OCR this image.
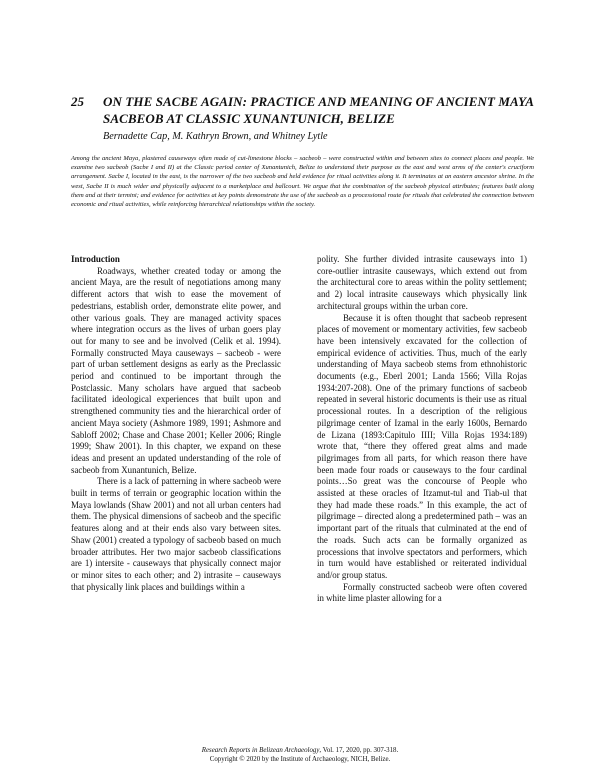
25	ON THE SACBE AGAIN: PRACTICE AND MEANING OF ANCIENT MAYA SACBEOB AT CLASSIC XUNANTUNICH, BELIZE
Bernadette Cap, M. Kathryn Brown, and Whitney Lytle
Among the ancient Maya, plastered causeways often made of cut-limestone blocks – sacbeob – were constructed within and between sites to connect places and people. We examine two sacbeob (Sacbe I and II) at the Classic period center of Xunantunich, Belize to understand their purpose as the east and west arms of the center's cruciform arrangement. Sacbe I, located in the east, is the narrower of the two sacbeob and held evidence for ritual activities along it. It terminates at an eastern ancestor shrine. In the west, Sacbe II is much wider and physically adjacent to a marketplace and ballcourt. We argue that the combination of the sacbeob physical attributes; features built along them and at their termini; and evidence for activities at key points demonstrate the use of the sacbeob as a processional route for rituals that celebrated the connection between economic and ritual activities, while reinforcing hierarchical relationships within the society.
Introduction

Roadways, whether created today or among the ancient Maya, are the result of negotiations among many different actors that wish to ease the movement of pedestrians, establish order, demonstrate elite power, and other various goals. They are managed activity spaces where integration occurs as the lives of urban goers play out for many to see and be involved (Celik et al. 1994). Formally constructed Maya causeways – sacbeob - were part of urban settlement designs as early as the Preclassic period and continued to be important through the Postclassic. Many scholars have argued that sacbeob facilitated ideological experiences that built upon and strengthened community ties and the hierarchical order of ancient Maya society (Ashmore 1989, 1991; Ashmore and Sabloff 2002; Chase and Chase 2001; Keller 2006; Ringle 1999; Shaw 2001). In this chapter, we expand on these ideas and present an updated understanding of the role of sacbeob from Xunantunich, Belize.

There is a lack of patterning in where sacbeob were built in terms of terrain or geographic location within the Maya lowlands (Shaw 2001) and not all urban centers had them. The physical dimensions of sacbeob and the specific features along and at their ends also vary between sites. Shaw (2001) created a typology of sacbeob based on much broader attributes. Her two major sacbeob classifications are 1) intersite - causeways that physically connect major or minor sites to each other; and 2) intrasite – causeways that physically link places and buildings within a

polity. She further divided intrasite causeways into 1) core-outlier intrasite causeways, which extend out from the architectural core to areas within the polity settlement; and 2) local intrasite causeways which physically link architectural groups within the urban core.

Because it is often thought that sacbeob represent places of movement or momentary activities, few sacbeob have been intensively excavated for the collection of empirical evidence of activities. Thus, much of the early understanding of Maya sacbeob stems from ethnohistoric documents (e.g., Eberl 2001; Landa 1566; Villa Rojas 1934:207-208). One of the primary functions of sacbeob repeated in several historic documents is their use as ritual processional routes. In a description of the religious pilgrimage center of Izamal in the early 1600s, Bernardo de Lizana (1893:Capitulo IIII; Villa Rojas 1934:189) wrote that, “there they offered great alms and made pilgrimages from all parts, for which reason there have been made four roads or causeways to the four cardinal points…So great was the concourse of People who assisted at these oracles of Itzamut-tul and Tiab-ul that they had made these roads.” In this example, the act of pilgrimage – directed along a predetermined path – was an important part of the rituals that culminated at the end of the roads. Such acts can be formally organized as processions that involve spectators and performers, which in turn would have established or reiterated individual and/or group status.

Formally constructed sacbeob were often covered in white lime plaster allowing for a

Research Reports in Belizean Archaeology, Vol. 17, 2020, pp. 307-318.
Copyright © 2020 by the Institute of Archaeology, NICH, Belize.
